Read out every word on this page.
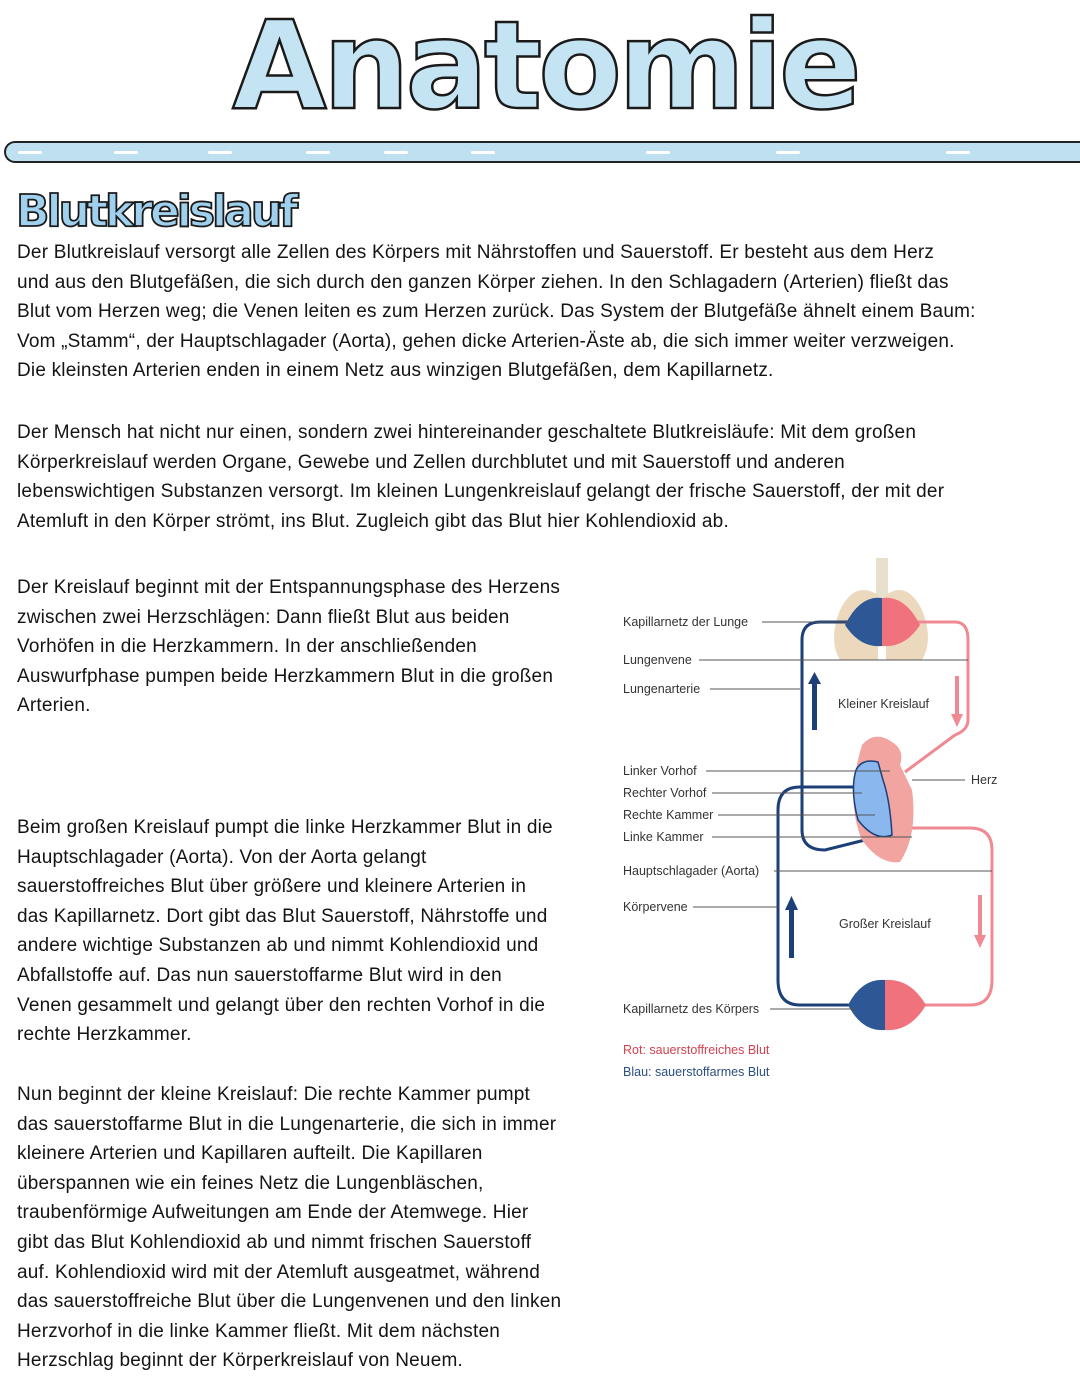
Anatomie
Blutkreislauf
Der Blutkreislauf versorgt alle Zellen des Körpers mit Nährstoffen und Sauerstoff. Er besteht aus dem Herz
und aus den Blutgefäßen, die sich durch den ganzen Körper ziehen. In den Schlagadern (Arterien) fließt das
Blut vom Herzen weg; die Venen leiten es zum Herzen zurück. Das System der Blutgefäße ähnelt einem Baum:
Vom „Stamm“, der Hauptschlagader (Aorta), gehen dicke Arterien-Äste ab, die sich immer weiter verzweigen.
Die kleinsten Arterien enden in einem Netz aus winzigen Blutgefäßen, dem Kapillarnetz.
Der Mensch hat nicht nur einen, sondern zwei hintereinander geschaltete Blutkreisläufe: Mit dem großen
Körperkreislauf werden Organe, Gewebe und Zellen durchblutet und mit Sauerstoff und anderen
lebenswichtigen Substanzen versorgt. Im kleinen Lungenkreislauf gelangt der frische Sauerstoff, der mit der
Atemluft in den Körper strömt, ins Blut. Zugleich gibt das Blut hier Kohlendioxid ab.
Der Kreislauf beginnt mit der Entspannungsphase des Herzens
zwischen zwei Herzschlägen: Dann fließt Blut aus beiden
Vorhöfen in die Herzkammern. In der anschließenden
Auswurfphase pumpen beide Herzkammern Blut in die großen
Arterien.
Beim großen Kreislauf pumpt die linke Herzkammer Blut in die
Hauptschlagader (Aorta). Von der Aorta gelangt
sauerstoffreiches Blut über größere und kleinere Arterien in
das Kapillarnetz. Dort gibt das Blut Sauerstoff, Nährstoffe und
andere wichtige Substanzen ab und nimmt Kohlendioxid und
Abfallstoffe auf. Das nun sauerstoffarme Blut wird in den
Venen gesammelt und gelangt über den rechten Vorhof in die
rechte Herzkammer.
Nun beginnt der kleine Kreislauf: Die rechte Kammer pumpt
das sauerstoffarme Blut in die Lungenarterie, die sich in immer
kleinere Arterien und Kapillaren aufteilt. Die Kapillaren
überspannen wie ein feines Netz die Lungenbläschen,
traubenförmige Aufweitungen am Ende der Atemwege. Hier
gibt das Blut Kohlendioxid ab und nimmt frischen Sauerstoff
auf. Kohlendioxid wird mit der Atemluft ausgeatmet, während
das sauerstoffreiche Blut über die Lungenvenen und den linken
Herzvorhof in die linke Kammer fließt. Mit dem nächsten
Herzschlag beginnt der Körperkreislauf von Neuem.
Kapillarnetz der Lunge
Lungenvene
Lungenarterie
Kleiner Kreislauf
Linker Vorhof
Rechter Vorhof
Rechte Kammer
Linke Kammer
Herz
Hauptschlagader (Aorta)
Körpervene
Großer Kreislauf
Kapillarnetz des Körpers
Rot: sauerstoffreiches Blut
Blau: sauerstoffarmes Blut
